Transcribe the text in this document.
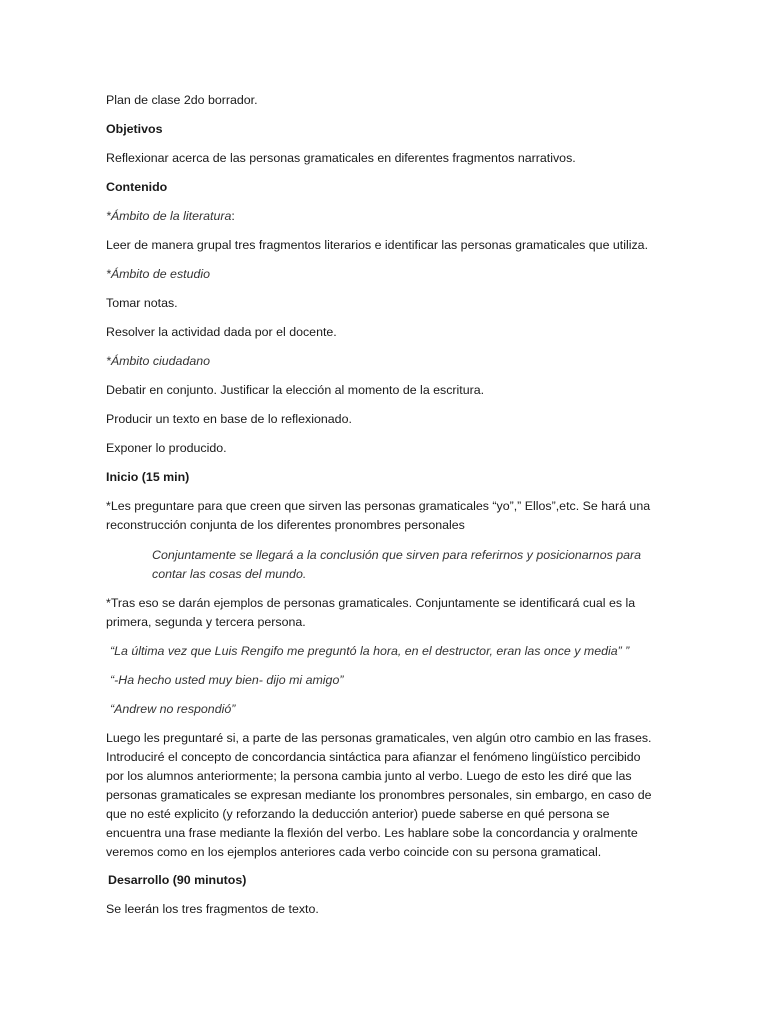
Plan de clase 2do borrador.

Objetivos

Reflexionar acerca de las personas gramaticales en diferentes fragmentos narrativos.

Contenido

*Ámbito de la literatura:

Leer de manera grupal tres fragmentos literarios e identificar las personas gramaticales que utiliza.

*Ámbito de estudio

Tomar notas.

Resolver la actividad dada por el docente.

*Ámbito ciudadano

Debatir en conjunto. Justificar la elección al momento de la escritura.

Producir un texto en base de lo reflexionado.

Exponer lo producido.

Inicio (15 min)

*Les preguntare para que creen que sirven las personas gramaticales “yo”,” Ellos”,etc. Se hará una reconstrucción conjunta de los diferentes pronombres personales

Conjuntamente se llegará a la conclusión que sirven para referirnos y posicionarnos para contar las cosas del mundo.

*Tras eso se darán ejemplos de personas gramaticales. Conjuntamente se identificará cual es la primera, segunda y tercera persona.

“La última vez que Luis Rengifo me preguntó la hora, en el destructor, eran las once y media” ”

“-Ha hecho usted muy bien- dijo mi amigo”

“Andrew no respondió”

Luego les preguntaré si, a parte de las personas gramaticales, ven algún otro cambio en las frases. Introduciré el concepto de concordancia sintáctica para afianzar el fenómeno lingüístico percibido por los alumnos anteriormente; la persona cambia junto al verbo. Luego de esto les diré que las personas gramaticales se expresan mediante los pronombres personales, sin embargo, en caso de que no esté explicito (y reforzando la deducción anterior) puede saberse en qué persona se encuentra una frase mediante la flexión del verbo. Les hablare sobe la concordancia y oralmente veremos como en los ejemplos anteriores cada verbo coincide con su persona gramatical.

Desarrollo (90 minutos)

Se leerán los tres fragmentos de texto.
